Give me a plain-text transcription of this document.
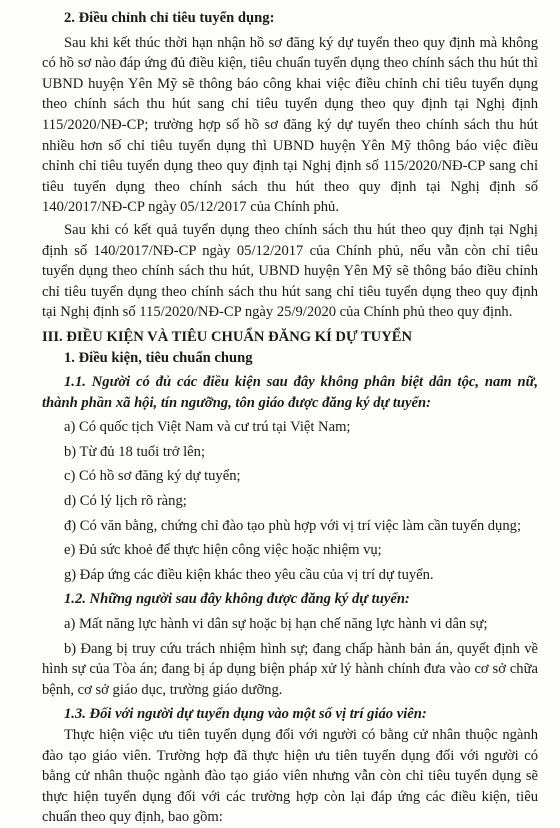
2. Điều chỉnh chỉ tiêu tuyển dụng:

Sau khi kết thúc thời hạn nhận hồ sơ đăng ký dự tuyển theo quy định mà không có hồ sơ nào đáp ứng đủ điều kiện, tiêu chuẩn tuyển dụng theo chính sách thu hút thì UBND huyện Yên Mỹ sẽ thông báo công khai việc điều chỉnh chỉ tiêu tuyển dụng theo chính sách thu hút sang chỉ tiêu tuyển dụng theo quy định tại Nghị định 115/2020/NĐ-CP; trường hợp số hồ sơ đăng ký dự tuyển theo chính sách thu hút nhiều hơn số chỉ tiêu tuyển dụng thì UBND huyện Yên Mỹ thông báo việc điều chỉnh chỉ tiêu tuyển dụng theo quy định tại Nghị định số 115/2020/NĐ-CP sang chỉ tiêu tuyển dụng theo chính sách thu hút theo quy định tại Nghị định số 140/2017/NĐ-CP ngày 05/12/2017 của Chính phủ.

Sau khi có kết quả tuyển dụng theo chính sách thu hút theo quy định tại Nghị định số 140/2017/NĐ-CP ngày 05/12/2017 của Chính phủ, nếu vẫn còn chỉ tiêu tuyển dụng theo chính sách thu hút, UBND huyện Yên Mỹ sẽ thông báo điều chỉnh chỉ tiêu tuyển dụng theo chính sách thu hút sang chỉ tiêu tuyển dụng theo quy định tại Nghị định số 115/2020/NĐ-CP ngày 25/9/2020 của Chính phủ theo quy định.

III. ĐIỀU KIỆN VÀ TIÊU CHUẨN ĐĂNG KÍ DỰ TUYỂN

1. Điều kiện, tiêu chuẩn chung

1.1. Người có đủ các điều kiện sau đây không phân biệt dân tộc, nam nữ, thành phần xã hội, tín ngưỡng, tôn giáo được đăng ký dự tuyển:

a) Có quốc tịch Việt Nam và cư trú tại Việt Nam;

b) Từ đủ 18 tuổi trở lên;

c) Có hồ sơ đăng ký dự tuyển;

d) Có lý lịch rõ ràng;

đ) Có văn bằng, chứng chỉ đào tạo phù hợp với vị trí việc làm cần tuyển dụng;

e) Đủ sức khoẻ để thực hiện công việc hoặc nhiệm vụ;

g) Đáp ứng các điều kiện khác theo yêu cầu của vị trí dự tuyển.

1.2. Những người sau đây không được đăng ký dự tuyển:

a) Mất năng lực hành vi dân sự hoặc bị hạn chế năng lực hành vi dân sự;

b) Đang bị truy cứu trách nhiệm hình sự; đang chấp hành bản án, quyết định về hình sự của Tòa án; đang bị áp dụng biện pháp xử lý hành chính đưa vào cơ sở chữa bệnh, cơ sở giáo dục, trường giáo dưỡng.

1.3. Đối với người dự tuyển dụng vào một số vị trí giáo viên:

Thực hiện việc ưu tiên tuyển dụng đối với người có bằng cử nhân thuộc ngành đào tạo giáo viên. Trường hợp đã thực hiện ưu tiên tuyển dụng đối với người có bằng cử nhân thuộc ngành đào tạo giáo viên nhưng vẫn còn chỉ tiêu tuyển dụng sẽ thực hiện tuyển dụng đối với các trường hợp còn lại đáp ứng các điều kiện, tiêu chuẩn theo quy định, bao gồm:
